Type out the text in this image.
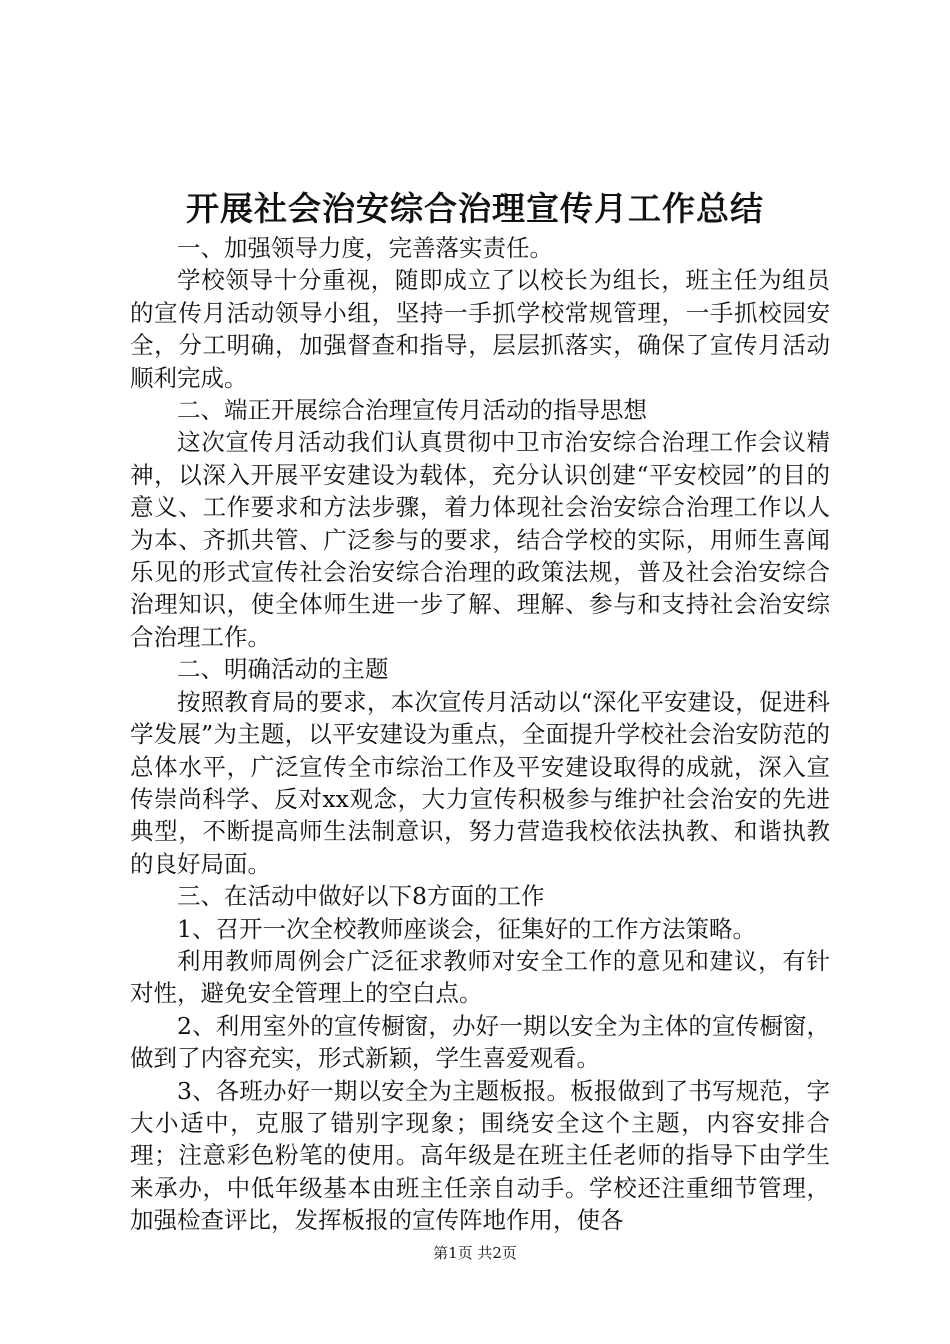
开展社会治安综合治理宣传月工作总结

一、加强领导力度，完善落实责任。

学校领导十分重视，随即成立了以校长为组长，班主任为组员的宣传月活动领导小组，坚持一手抓学校常规管理，一手抓校园安全，分工明确，加强督查和指导，层层抓落实，确保了宣传月活动顺利完成。

二、端正开展综合治理宣传月活动的指导思想

这次宣传月活动我们认真贯彻中卫市治安综合治理工作会议精神，以深入开展平安建设为载体，充分认识创建“平安校园”的目的意义、工作要求和方法步骤，着力体现社会治安综合治理工作以人为本、齐抓共管、广泛参与的要求，结合学校的实际，用师生喜闻乐见的形式宣传社会治安综合治理的政策法规，普及社会治安综合治理知识，使全体师生进一步了解、理解、参与和支持社会治安综合治理工作。

二、明确活动的主题

按照教育局的要求，本次宣传月活动以“深化平安建设，促进科学发展”为主题，以平安建设为重点，全面提升学校社会治安防范的总体水平，广泛宣传全市综治工作及平安建设取得的成就，深入宣传崇尚科学、反对xx观念，大力宣传积极参与维护社会治安的先进典型，不断提高师生法制意识，努力营造我校依法执教、和谐执教的良好局面。

三、在活动中做好以下8方面的工作

1、召开一次全校教师座谈会，征集好的工作方法策略。

利用教师周例会广泛征求教师对安全工作的意见和建议，有针对性，避免安全管理上的空白点。

2、利用室外的宣传橱窗，办好一期以安全为主体的宣传橱窗，做到了内容充实，形式新颖，学生喜爱观看。

3、各班办好一期以安全为主题板报。板报做到了书写规范，字大小适中，克服了错别字现象；围绕安全这个主题，内容安排合理；注意彩色粉笔的使用。高年级是在班主任老师的指导下由学生来承办，中低年级基本由班主任亲自动手。学校还注重细节管理，加强检查评比，发挥板报的宣传阵地作用，使各

第1页 共2页
